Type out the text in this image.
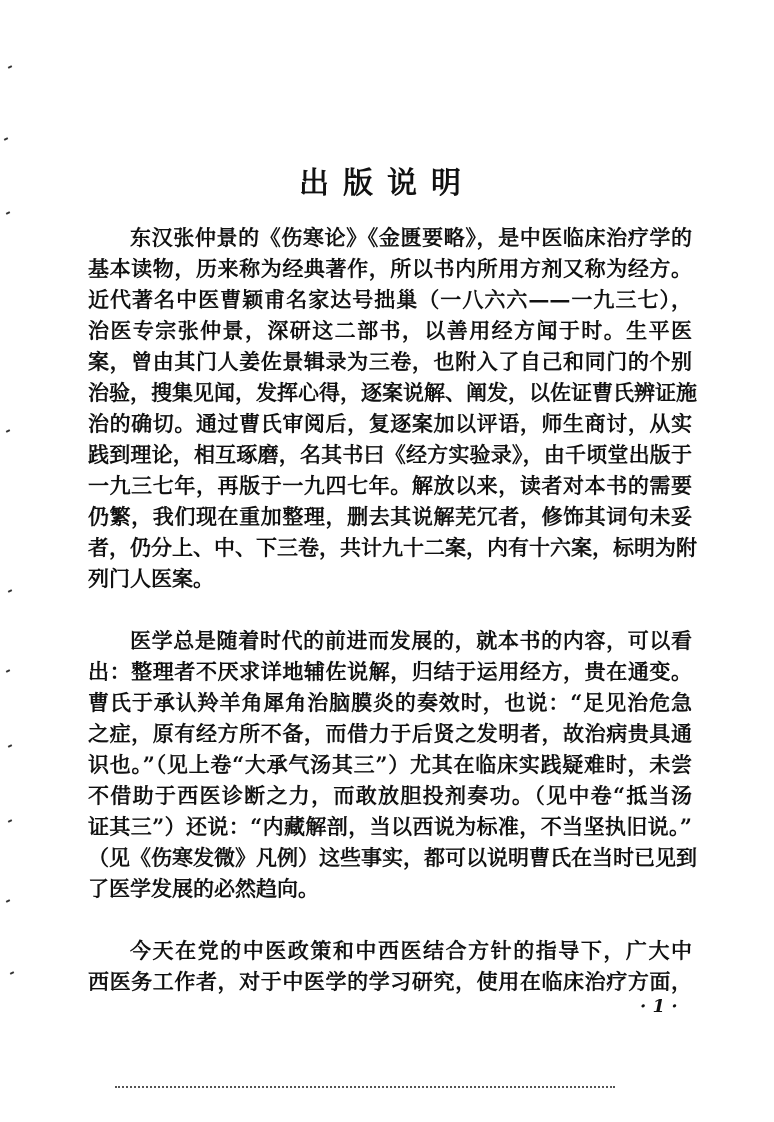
出版说明
东汉张仲景的《伤寒论》《金匮要略》，是中医临床治疗学的
基本读物，历来称为经典著作，所以书内所用方剂又称为经方。
近代著名中医曹颖甫名家达号拙巢（一八六六——一九三七），
治医专宗张仲景，深研这二部书，以善用经方闻于时。生平医
案，曾由其门人姜佐景辑录为三卷，也附入了自己和同门的个别
治验，搜集见闻，发挥心得，逐案说解、阐发，以佐证曹氏辨证施
治的确切。通过曹氏审阅后，复逐案加以评语，师生商讨，从实
践到理论，相互琢磨，名其书曰《经方实验录》，由千顷堂出版于
一九三七年，再版于一九四七年。解放以来，读者对本书的需要
仍繁，我们现在重加整理，删去其说解芜冗者，修饰其词句未妥
者，仍分上、中、下三卷，共计九十二案，内有十六案，标明为附
列门人医案。
医学总是随着时代的前进而发展的，就本书的内容，可以看
出：整理者不厌求详地辅佐说解，归结于运用经方，贵在通变。
曹氏于承认羚羊角犀角治脑膜炎的奏效时，也说：“足见治危急
之症，原有经方所不备，而借力于后贤之发明者，故治病贵具通
识也。”（见上卷“大承气汤其三”）尤其在临床实践疑难时，未尝
不借助于西医诊断之力，而敢放胆投剂奏功。（见中卷“抵当汤
证其三”）还说：“内藏解剖，当以西说为标准，不当坚执旧说。”
（见《伤寒发微》凡例）这些事实，都可以说明曹氏在当时已见到
了医学发展的必然趋向。
今天在党的中医政策和中西医结合方针的指导下，广大中
西医务工作者，对于中医学的学习研究，使用在临床治疗方面，
· 1 ·
